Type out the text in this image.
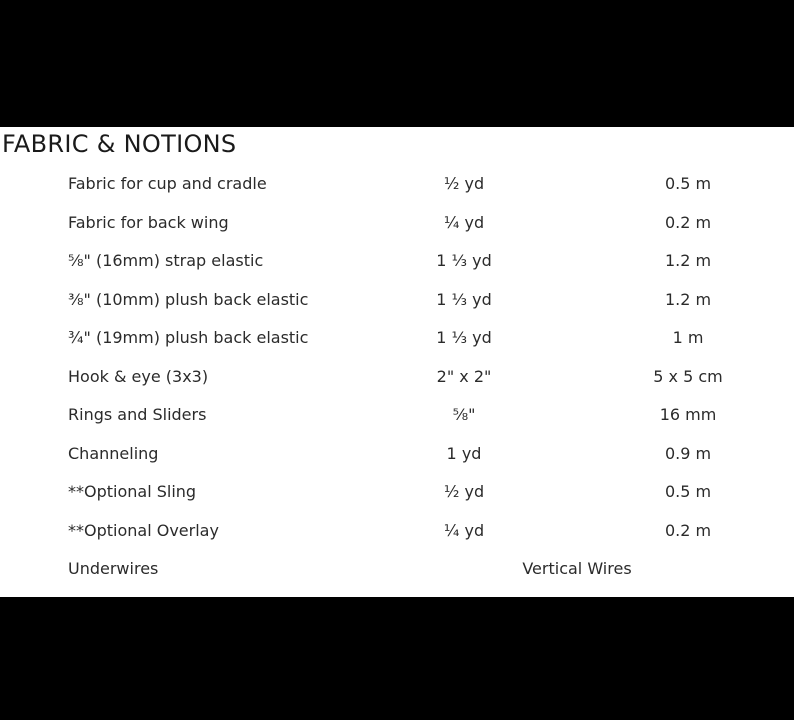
FABRIC & NOTIONS
Fabric for cup and cradle	½ yd	0.5 m
Fabric for back wing	¼ yd	0.2 m
⅝" (16mm) strap elastic	1 ⅓ yd	1.2 m
⅜" (10mm) plush back elastic	1 ⅓ yd	1.2 m
¾" (19mm) plush back elastic	1 ⅓ yd	1 m
Hook & eye (3x3)	2" x 2"	5 x 5 cm
Rings and Sliders	⅝"	16 mm
Channeling	1 yd	0.9 m
**Optional Sling	½ yd	0.5 m
**Optional Overlay	¼ yd	0.2 m
Underwires	Vertical Wires
